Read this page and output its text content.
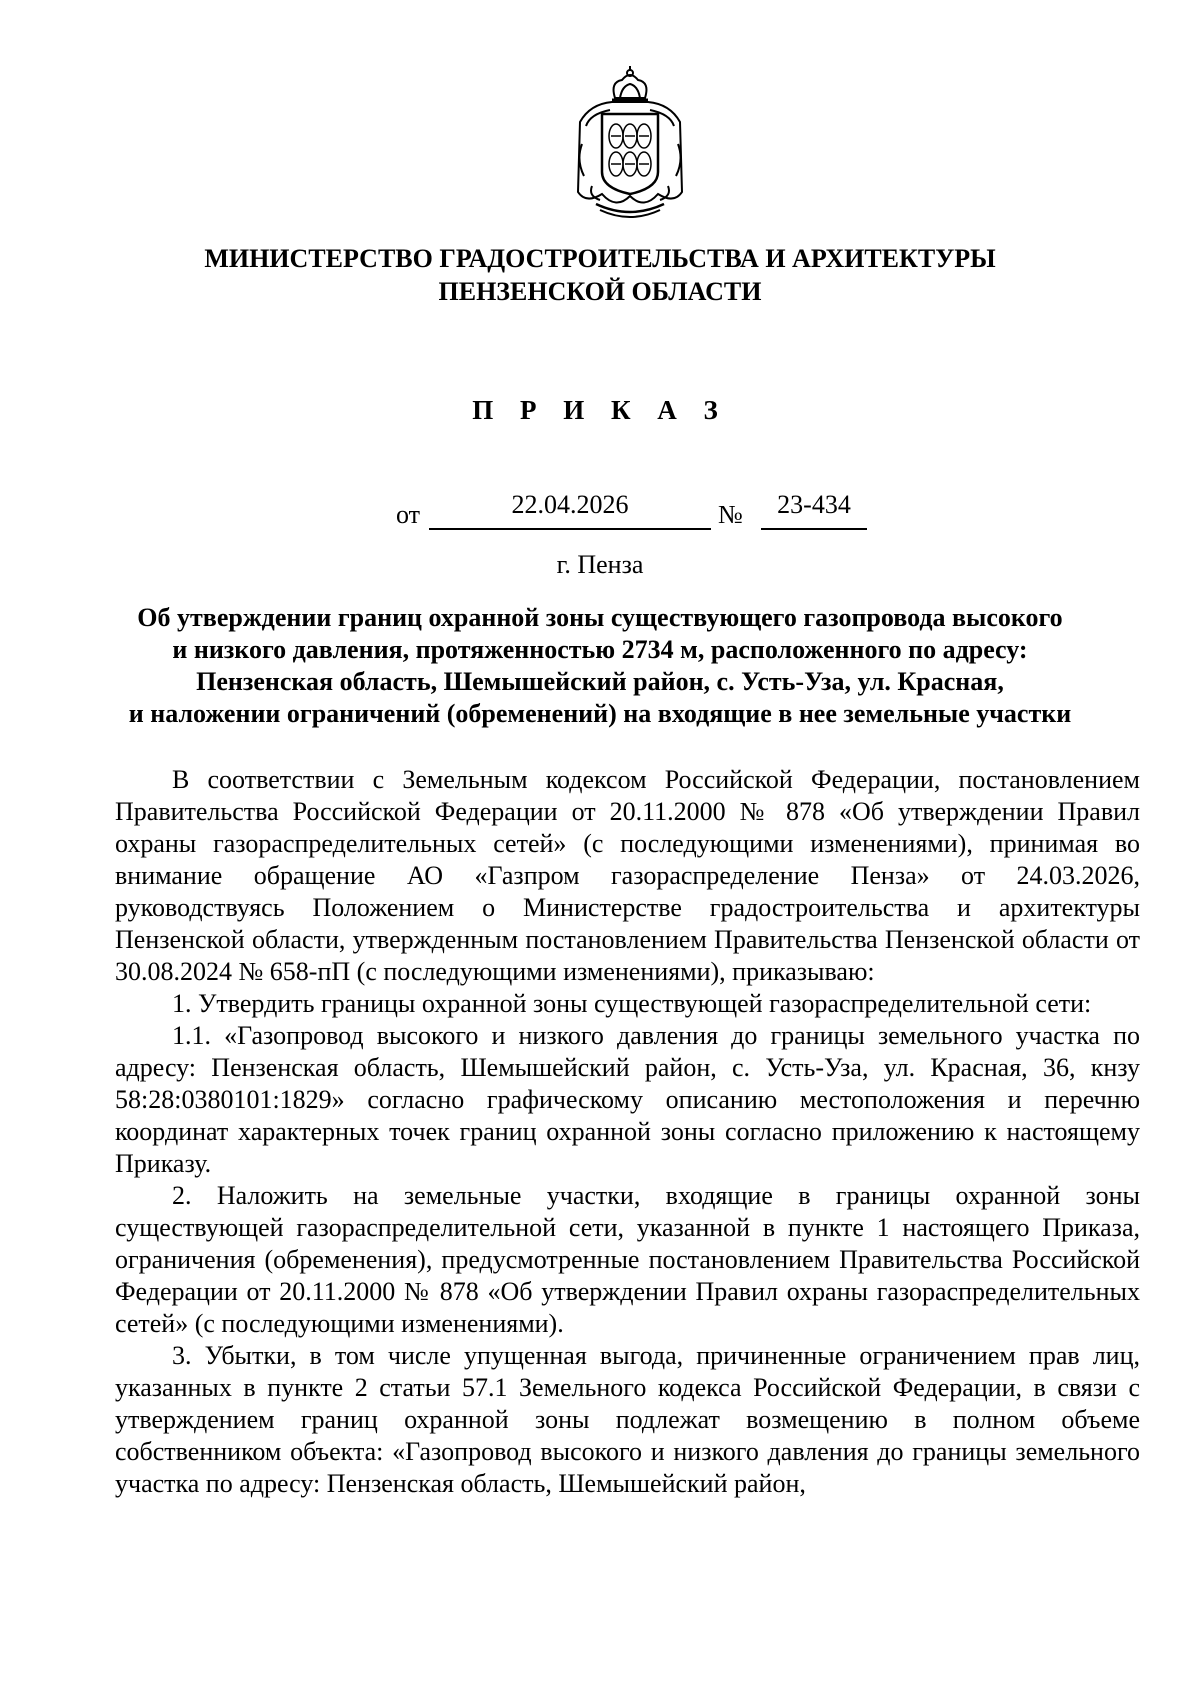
МИНИСТЕРСТВО ГРАДОСТРОИТЕЛЬСТВА И АРХИТЕКТУРЫ
ПЕНЗЕНСКОЙ ОБЛАСТИ
П Р И К А З
от	22.04.2026	№	23-434
г. Пенза
Об утверждении границ охранной зоны существующего газопровода высокого
и низкого давления, протяженностью 2734 м, расположенного по адресу:
Пензенская область, Шемышейский район, с. Усть-Уза, ул. Красная,
и наложении ограничений (обременений) на входящие в нее земельные участки

В соответствии с Земельным кодексом Российской Федерации, постановлением Правительства Российской Федерации от 20.11.2000 № 878 «Об утверждении Правил охраны газораспределительных сетей» (с последующими изменениями), принимая во внимание обращение АО «Газпром газораспределение Пенза» от 24.03.2026, руководствуясь Положением о Министерстве градостроительства и архитектуры Пензенской области, утвержденным постановлением Правительства Пензенской области от 30.08.2024 № 658-пП (с последующими изменениями), приказываю:

1. Утвердить границы охранной зоны существующей газораспределительной сети:

1.1. «Газопровод высокого и низкого давления до границы земельного участка по адресу: Пензенская область, Шемышейский район, с. Усть-Уза, ул. Красная, 36, кнзу 58:28:0380101:1829» согласно графическому описанию местоположения и перечню координат характерных точек границ охранной зоны согласно приложению к настоящему Приказу.

2. Наложить на земельные участки, входящие в границы охранной зоны существующей газораспределительной сети, указанной в пункте 1 настоящего Приказа, ограничения (обременения), предусмотренные постановлением Правительства Российской Федерации от 20.11.2000 № 878 «Об утверждении Правил охраны газораспределительных сетей» (с последующими изменениями).

3. Убытки, в том числе упущенная выгода, причиненные ограничением прав лиц, указанных в пункте 2 статьи 57.1 Земельного кодекса Российской Федерации, в связи с утверждением границ охранной зоны подлежат возмещению в полном объеме собственником объекта: «Газопровод высокого и низкого давления до границы земельного участка по адресу: Пензенская область, Шемышейский район,
